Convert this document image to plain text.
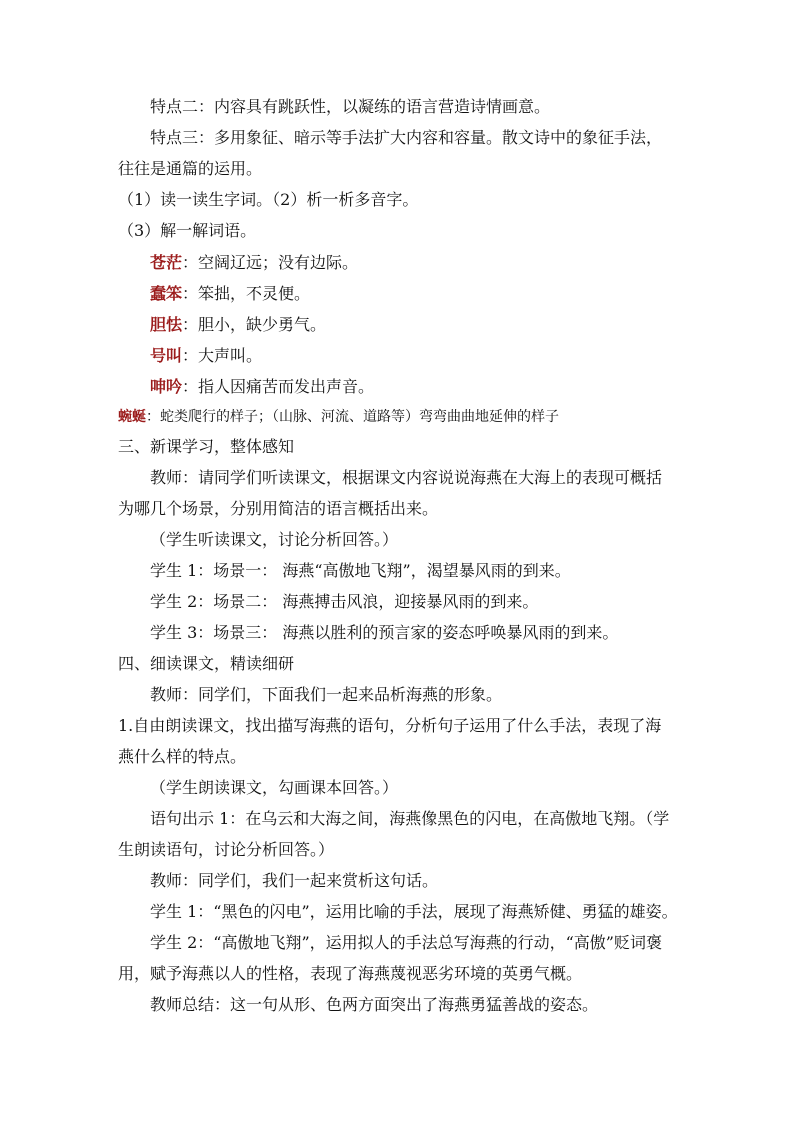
特点二：内容具有跳跃性，以凝练的语言营造诗情画意。

特点三：多用象征、暗示等手法扩大内容和容量。散文诗中的象征手法，

往往是通篇的运用。

（1）读一读生字词。（2）析一析多音字。

（3）解一解词语。

苍茫：空阔辽远；没有边际。

蠢笨：笨拙，不灵便。

胆怯：胆小，缺少勇气。

号叫：大声叫。

呻吟：指人因痛苦而发出声音。

蜿蜒：蛇类爬行的样子；（山脉、河流、道路等）弯弯曲曲地延伸的样子

三、新课学习，整体感知

教师：请同学们听读课文，根据课文内容说说海燕在大海上的表现可概括

为哪几个场景，分别用简洁的语言概括出来。

（学生听读课文，讨论分析回答。）

学生 1：场景一： 海燕“高傲地飞翔”，渴望暴风雨的到来。

学生 2：场景二： 海燕搏击风浪，迎接暴风雨的到来。

学生 3：场景三： 海燕以胜利的预言家的姿态呼唤暴风雨的到来。

四、细读课文，精读细研

教师：同学们，下面我们一起来品析海燕的形象。

1.自由朗读课文，找出描写海燕的语句，分析句子运用了什么手法，表现了海

燕什么样的特点。

（学生朗读课文，勾画课本回答。）

语句出示 1：在乌云和大海之间，海燕像黑色的闪电，在高傲地飞翔。（学

生朗读语句，讨论分析回答。）

教师：同学们，我们一起来赏析这句话。

学生 1：“黑色的闪电”，运用比喻的手法，展现了海燕矫健、勇猛的雄姿。

学生 2：“高傲地飞翔”，运用拟人的手法总写海燕的行动，“高傲”贬词褒

用，赋予海燕以人的性格，表现了海燕蔑视恶劣环境的英勇气概。

教师总结：这一句从形、色两方面突出了海燕勇猛善战的姿态。
